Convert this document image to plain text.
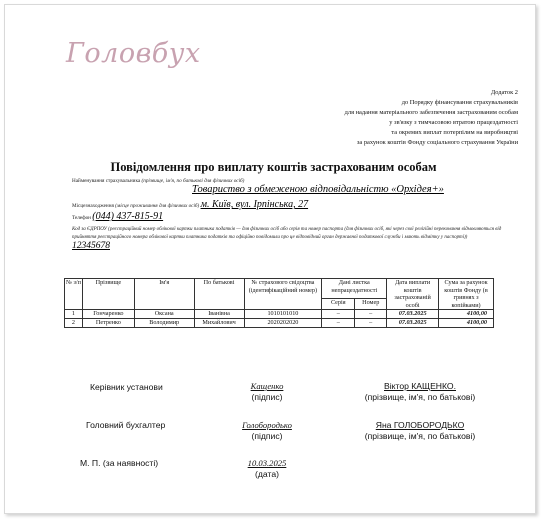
Головбух
Додаток 2
до Порядку фінансування страхувальників
для надання матеріального забезпечення застрахованим особам
у зв'язку з тимчасовою втратою працездатності
та окремих виплат потерпілим на виробництві
за рахунок коштів Фонду соціального страхування України
Повідомлення про виплату коштів застрахованим особам
Найменування страхувальника (прізвище, ім'я, по батькові для фізичних осіб)
Товариство з обмеженою відповідальністю «Орхідея+»
Місцезнаходження (місце проживання для фізичних осіб) м. Київ, вул. Ірпінська, 27
Телефон (044) 437-815-91
Код за ЄДРПОУ (реєстраційний номер облікової картки платника податків — для фізичних осіб або серія та номер паспорта (для фізичних осіб, які через свої релігійні переконання відмовляються від прийняття реєстраційного номера облікової картки платника податків та офіційно повідомили про це відповідний орган державної податкової служби і мають відмітку у паспорті)) 12345678
№ з/п	Прізвище	Ім'я	По батькові	№ страхового свідоцтва (ідентифікаційний номер)	Дані листка непрацездатності		Дата виплати коштів застрахованій особі	Сума за рахунок коштів Фонду (в гривнях з копійками)
					Серія	Номер		
1	Гончаренко	Оксана	Іванівна	1010101010	–	–	07.03.2025	4100,00
2	Петренко	Володимир	Михайлович	2020202020	–	–	07.03.2025	4100,00
Керівник установи	Кащенко
(підпис)
Віктор КАЩЕНКО.
(прізвище, ім'я, по батькові)
Головний бухгалтер	Голобородько
(підпис)
Яна ГОЛОБОРОДЬКО
(прізвище, ім'я, по батькові)
М. П. (за наявності)	10.03.2025
(дата)
